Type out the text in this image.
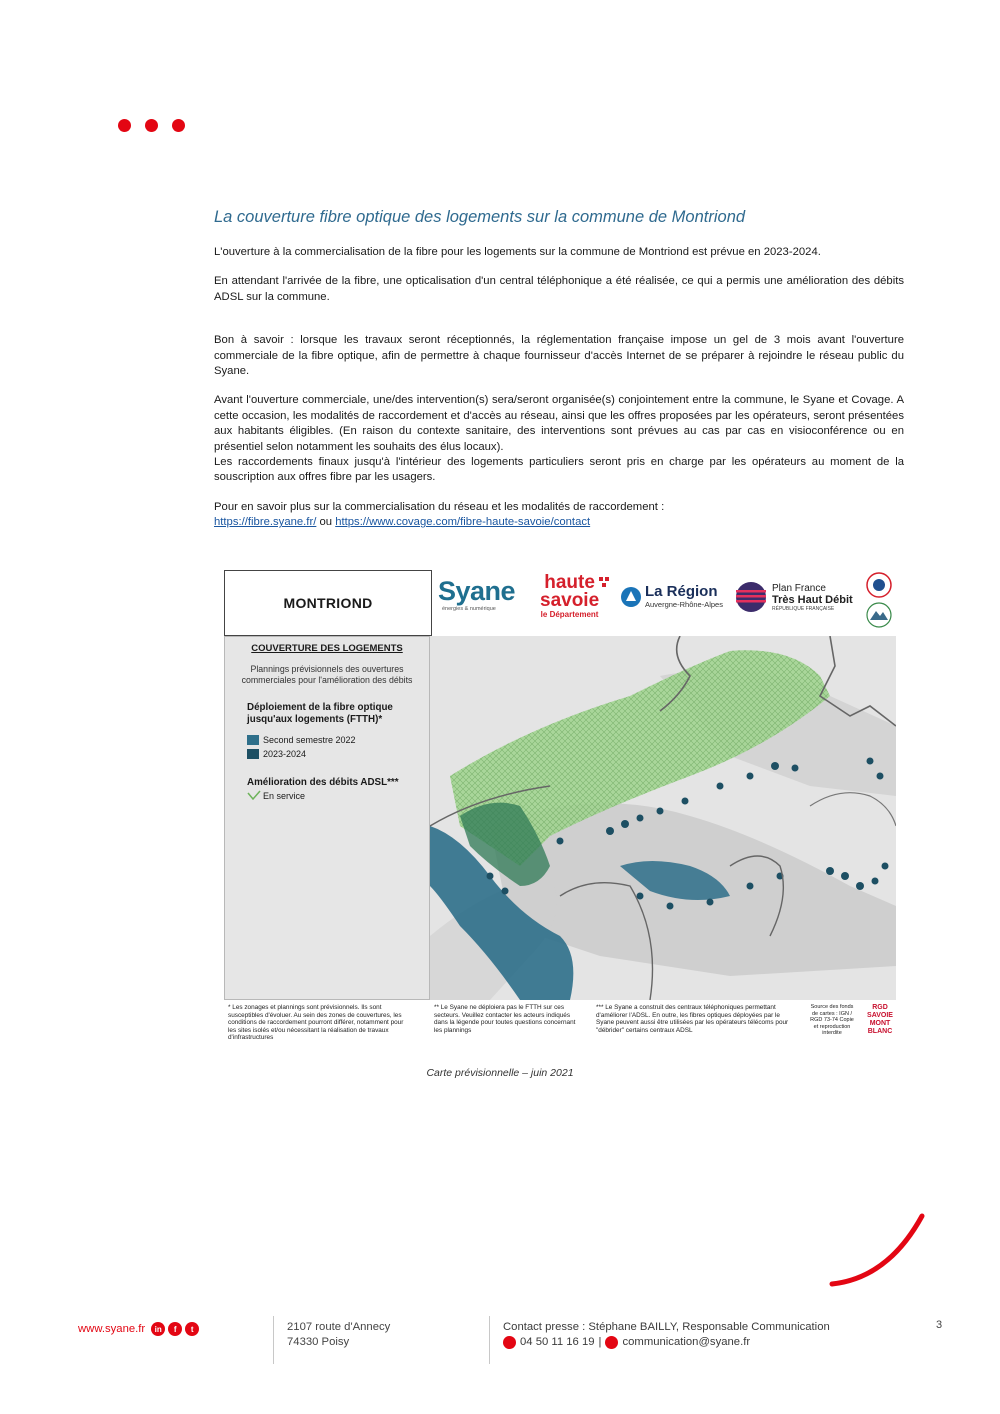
La couverture fibre optique des logements sur la commune de Montriond

L'ouverture à la commercialisation de la fibre pour les logements sur la commune de Montriond est prévue en 2023-2024.

En attendant l'arrivée de la fibre, une opticalisation d'un central téléphonique a été réalisée, ce qui a permis une amélioration des débits ADSL sur la commune.

Bon à savoir : lorsque les travaux seront réceptionnés, la réglementation française impose un gel de 3 mois avant l'ouverture commerciale de la fibre optique, afin de permettre à chaque fournisseur d'accès Internet de se préparer à rejoindre le réseau public du Syane.

Avant l'ouverture commerciale, une/des intervention(s) sera/seront organisée(s) conjointement entre la commune, le Syane et Covage. A cette occasion, les modalités de raccordement et d'accès au réseau, ainsi que les offres proposées par les opérateurs, seront présentées aux habitants éligibles. (En raison du contexte sanitaire, des interventions sont prévues au cas par cas en visioconférence ou en présentiel selon notamment les souhaits des élus locaux).

Les raccordements finaux jusqu'à l'intérieur des logements particuliers seront pris en charge par les opérateurs au moment de la souscription aux offres fibre par les usagers.

Pour en savoir plus sur la commercialisation du réseau et les modalités de raccordement :

https://fibre.syane.fr/ ou https://www.covage.com/fibre-haute-savoie/contact

MONTRIOND	Syane
énergies & numérique
haute
savoie
le Département
La Région
Auvergne-Rhône-Alpes
Plan France
Très Haut Débit
RÉPUBLIQUE FRANÇAISE
COUVERTURE DES LOGEMENTS
Plannings prévisionnels des ouvertures commerciales pour l'amélioration des débits
Déploiement de la fibre optique jusqu'aux logements (FTTH)*
Second semestre 2022
2023-2024
Amélioration des débits ADSL***
En service
* Les zonages et plannings sont prévisionnels. Ils sont susceptibles d'évoluer. Au sein des zones de couvertures, les conditions de raccordement pourront différer, notamment pour les sites isolés et/ou nécessitant la réalisation de travaux d'infrastructures
** Le Syane ne déploiera pas le FTTH sur ces secteurs. Veuillez contacter les acteurs indiqués dans la légende pour toutes questions concernant les plannings
*** Le Syane a construit des centraux téléphoniques permettant d'améliorer l'ADSL. En outre, les fibres optiques déployées par le Syane peuvent aussi être utilisées par les opérateurs télécoms pour "débrider" certains centraux ADSL
Source des fonds de cartes : IGN / RGD 73-74 Copie et reproduction interdite
RGD
SAVOIE
MONT
BLANC
Carte prévisionnelle – juin 2021
www.syane.fr	in	f	t	2107 route d'Annecy
74330 Poisy
Contact presse : Stéphane BAILLY, Responsable Communication
04 50 11 16 19 | communication@syane.fr
3
